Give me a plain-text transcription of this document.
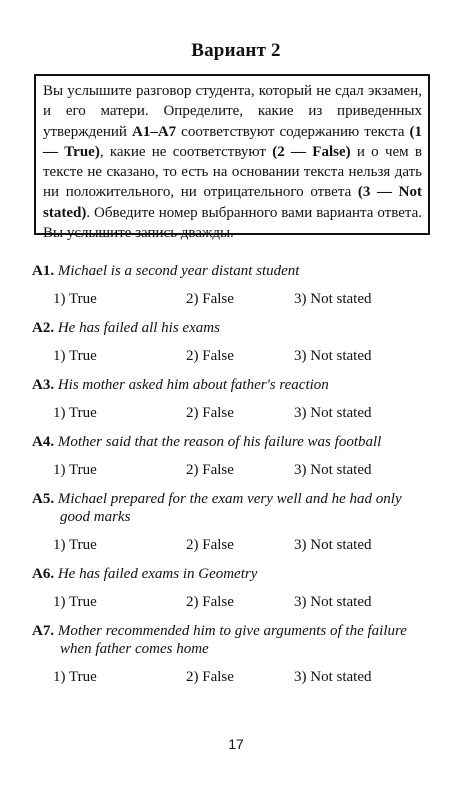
Вариант 2

Вы услышите разговор студента, который не сдал экзамен, и его матери. Определите, какие из приведенных утверждений А1–А7 соответствуют содержанию текста (1 — True), какие не соответствуют (2 — False) и о чем в тексте не сказано, то есть на основании текста нельзя дать ни положительного, ни отрицательного ответа (3 — Not stated). Обведите номер выбранного вами варианта ответа. Вы услышите запись дважды.

A1. Michael is a second year distant student
1) True	2) False	3) Not stated
A2. He has failed all his exams
1) True	2) False	3) Not stated
A3. His mother asked him about father's reaction
1) True	2) False	3) Not stated
A4. Mother said that the reason of his failure was football
1) True	2) False	3) Not stated
A5. Michael prepared for the exam very well and he had only
good marks
1) True	2) False	3) Not stated
A6. He has failed exams in Geometry
1) True	2) False	3) Not stated
A7. Mother recommended him to give arguments of the failure
when father comes home
1) True	2) False	3) Not stated
17
